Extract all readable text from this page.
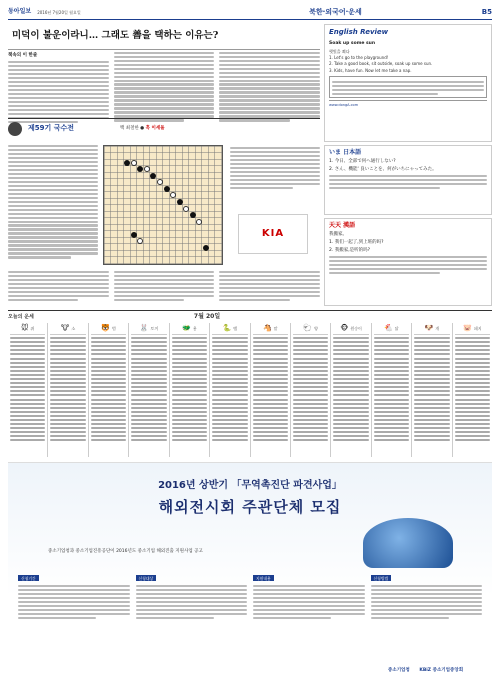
동아일보 2016년 7월20일 월요일	북한·외국어·운세	B5
미덕이 불운이라니… 그래도 善을 택하는 이유는?
책속의 이 한줄
제59기 국수전	백 최철한 ● 흑 이세돌
KIA
English Review
Soak up some sun
햇빛을 쬐다
1. Let's go to the playground!
2. Take a good book, sit outside, soak up some sun.
3. Kids, have fun. Now let me take a nap.
www.dongA.com
いま 日本語
1. 今日、全部で何へ通行しない?
2. さん、機能' 良いことを、何がいちにゃってみた。
天天 漢語
我搬家。
1. 我们一起了,到上班的吗?
2. 我搬家,是听的吗?
오늘의 운세	7월 20일
🐭 쥐	🐮 소	🐯 범	🐰 토끼	🐲 용	🐍 뱀	🐴 말	🐑 양	🐵 원숭이	🐔 닭	🐶 개	🐷 돼지
2016년 상반기 「무역촉진단 파견사업」
해외전시회 주관단체 모집
중소기업청과 중소기업진흥공단이 2016년도 중소기업 해외진출 지원사업 공고
신청기간	신청대상	지원내용	신청방법
중소기업청 KBiZ 중소기업중앙회
